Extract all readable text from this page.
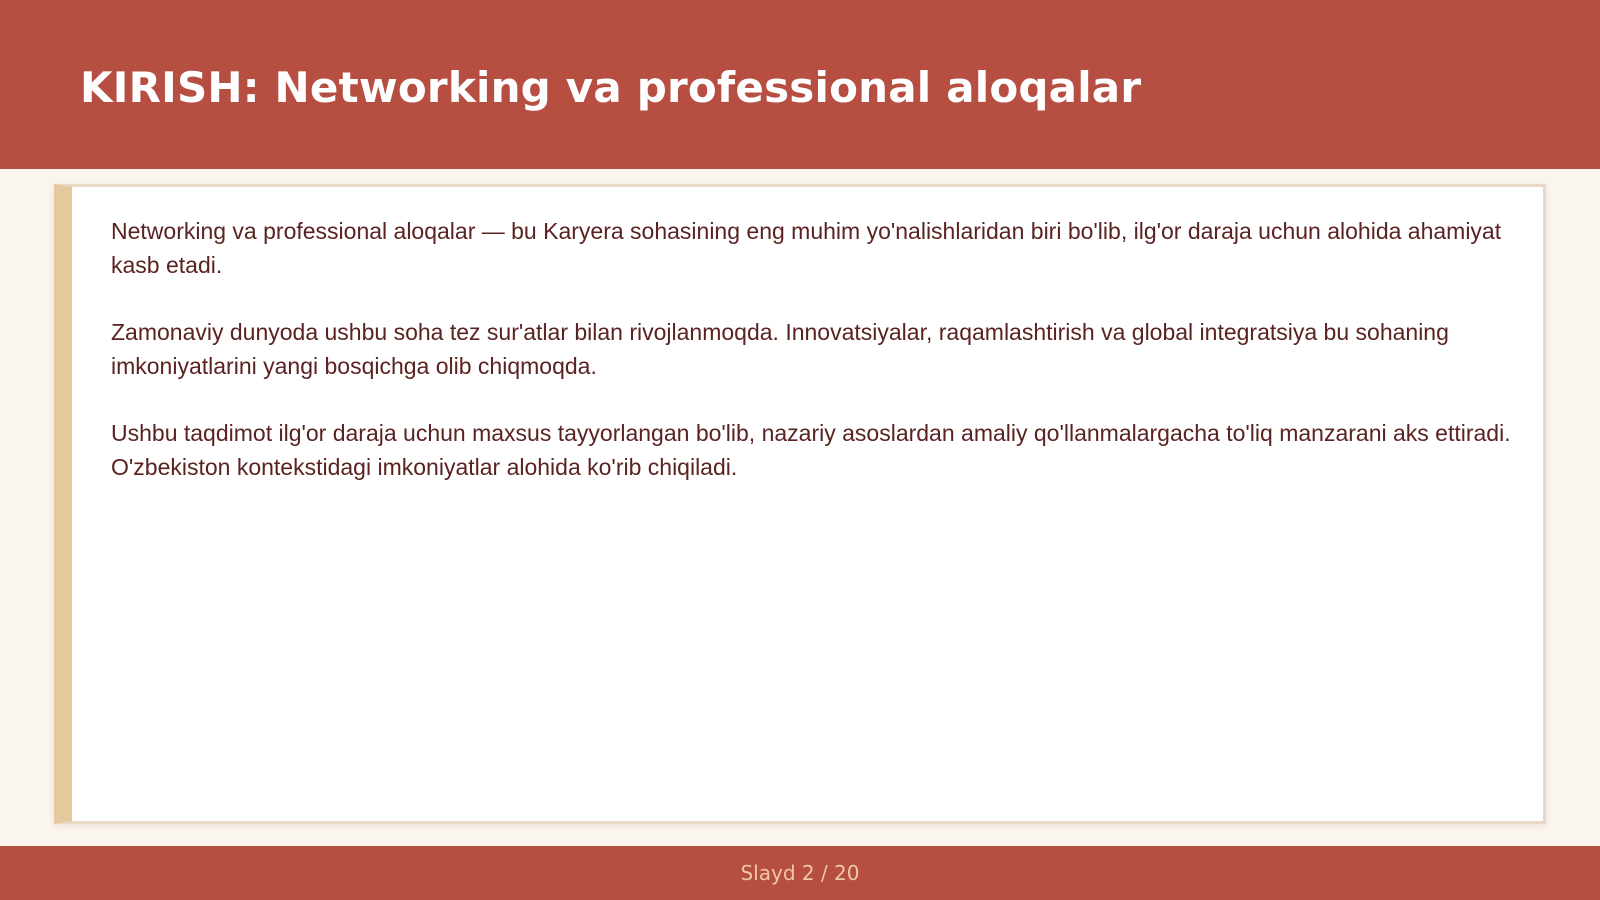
KIRISH: Networking va professional aloqalar

Networking va professional aloqalar — bu Karyera sohasining eng muhim yo'nalishlaridan biri bo'lib, ilg'or daraja uchun alohida ahamiyat kasb etadi.

Zamonaviy dunyoda ushbu soha tez sur'atlar bilan rivojlanmoqda. Innovatsiyalar, raqamlashtirish va global integratsiya bu sohaning imkoniyatlarini yangi bosqichga olib chiqmoqda.

Ushbu taqdimot ilg'or daraja uchun maxsus tayyorlangan bo'lib, nazariy asoslardan amaliy qo'llanmalargacha to'liq manzarani aks ettiradi. O'zbekiston kontekstidagi imkoniyatlar alohida ko'rib chiqiladi.

Slayd 2 / 20
